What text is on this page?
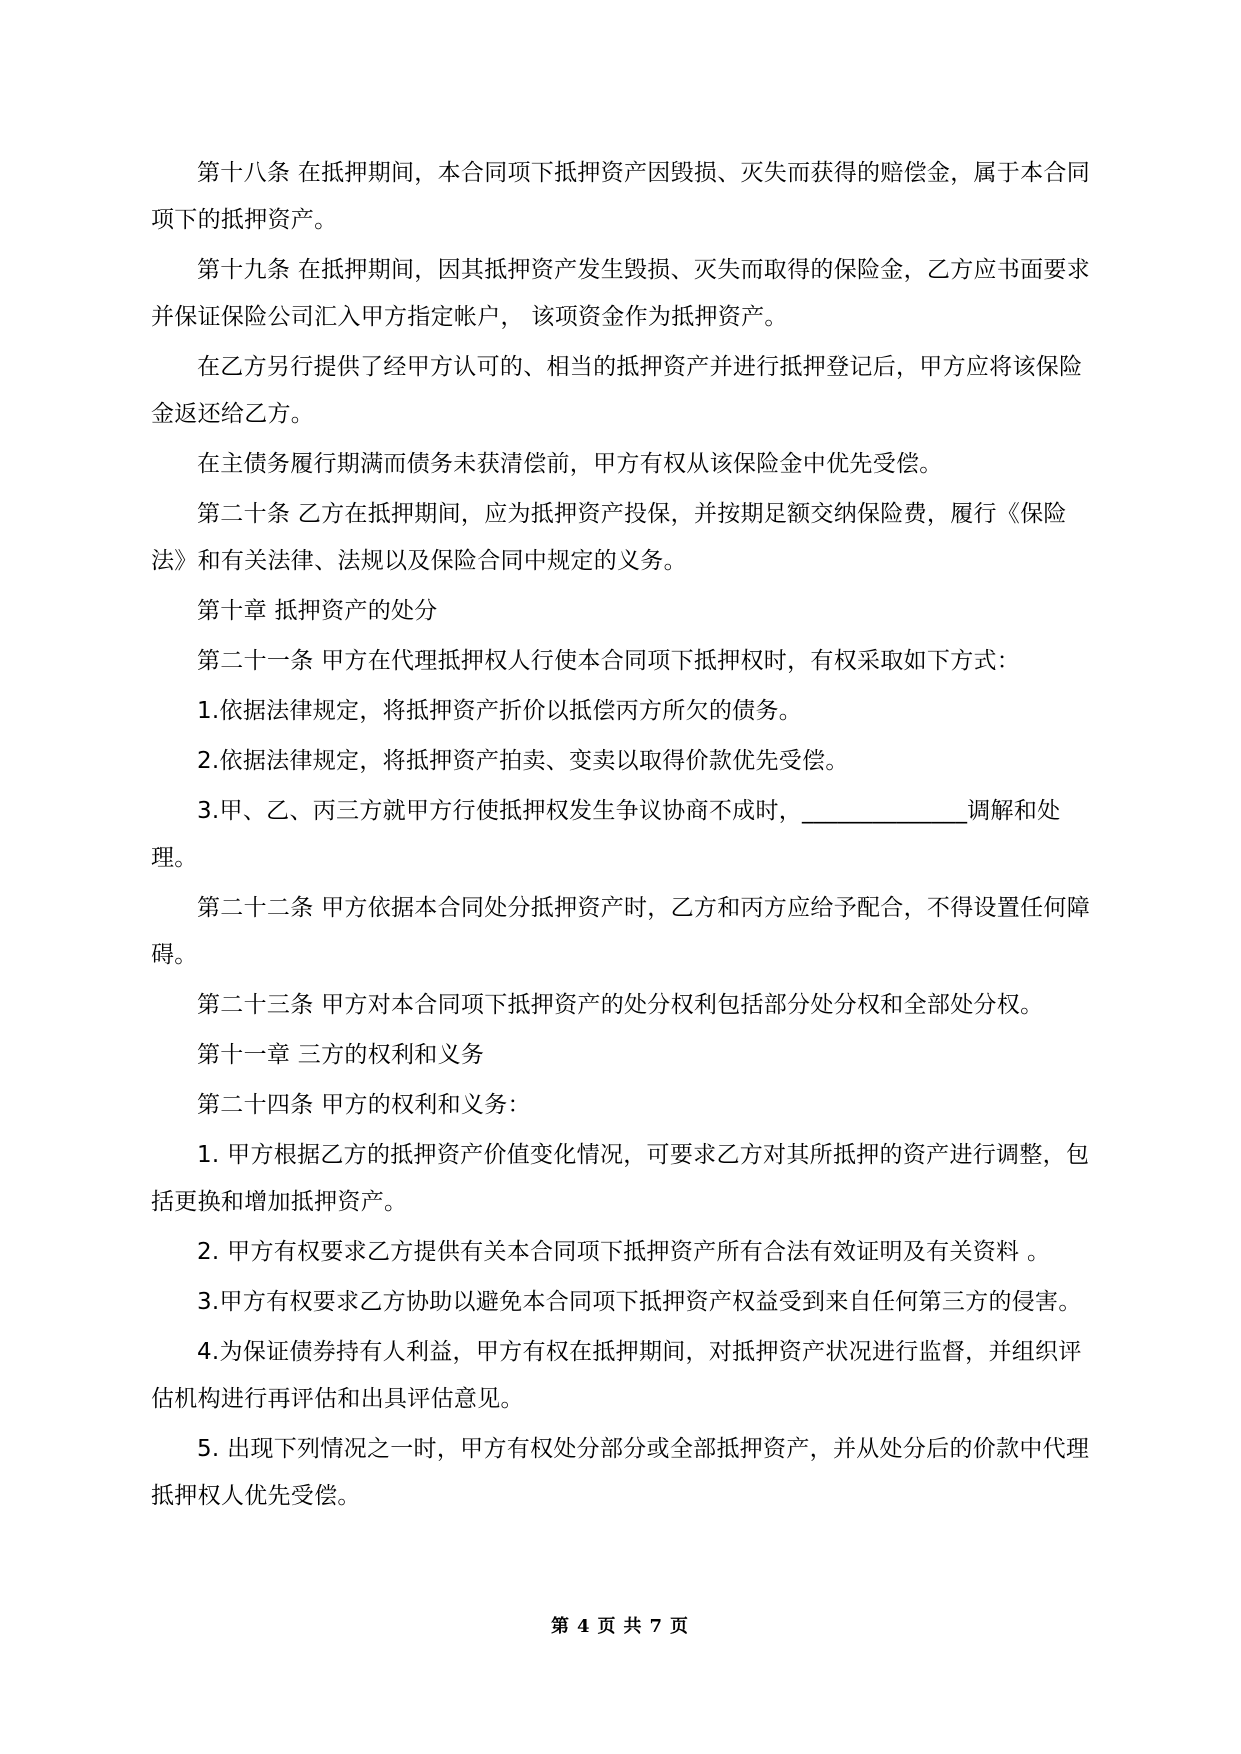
第十八条 在抵押期间，本合同项下抵押资产因毁损、灭失而获得的赔偿金，属于本合同项下的抵押资产。

第十九条 在抵押期间，因其抵押资产发生毁损、灭失而取得的保险金，乙方应书面要求并保证保险公司汇入甲方指定帐户， 该项资金作为抵押资产。

在乙方另行提供了经甲方认可的、相当的抵押资产并进行抵押登记后，甲方应将该保险金返还给乙方。

在主债务履行期满而债务未获清偿前，甲方有权从该保险金中优先受偿。

第二十条 乙方在抵押期间，应为抵押资产投保，并按期足额交纳保险费，履行《保险法》和有关法律、法规以及保险合同中规定的义务。

第十章 抵押资产的处分

第二十一条 甲方在代理抵押权人行使本合同项下抵押权时，有权采取如下方式：

1.依据法律规定，将抵押资产折价以抵偿丙方所欠的债务。

2.依据法律规定，将抵押资产拍卖、变卖以取得价款优先受偿。

3.甲、乙、丙三方就甲方行使抵押权发生争议协商不成时，______________调解和处理。

第二十二条 甲方依据本合同处分抵押资产时，乙方和丙方应给予配合，不得设置任何障碍。

第二十三条 甲方对本合同项下抵押资产的处分权利包括部分处分权和全部处分权。

第十一章 三方的权利和义务

第二十四条 甲方的权利和义务：

1. 甲方根据乙方的抵押资产价值变化情况，可要求乙方对其所抵押的资产进行调整，包括更换和增加抵押资产。

2. 甲方有权要求乙方提供有关本合同项下抵押资产所有合法有效证明及有关资料 。

3.甲方有权要求乙方协助以避免本合同项下抵押资产权益受到来自任何第三方的侵害。

4.为保证债券持有人利益，甲方有权在抵押期间，对抵押资产状况进行监督，并组织评估机构进行再评估和出具评估意见。

5. 出现下列情况之一时，甲方有权处分部分或全部抵押资产，并从处分后的价款中代理抵押权人优先受偿。

第 4 页 共 7 页
